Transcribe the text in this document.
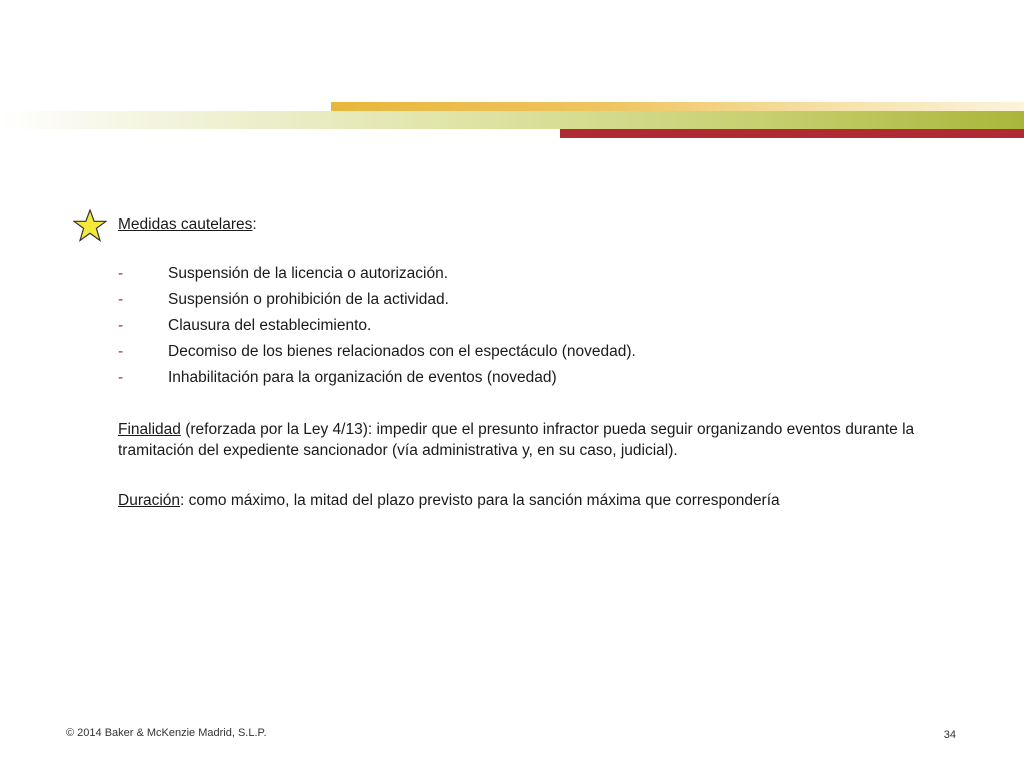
Medidas cautelares:
-	Suspensión de la licencia o autorización.
-	Suspensión o prohibición de la actividad.
-	Clausura del establecimiento.
-	Decomiso de los bienes relacionados con el espectáculo (novedad).
-	Inhabilitación para la organización de eventos (novedad)

Finalidad (reforzada por la Ley 4/13): impedir que el presunto infractor pueda seguir organizando eventos durante la tramitación del expediente sancionador (vía administrativa y, en su caso, judicial).

Duración: como máximo, la mitad del plazo previsto para la sanción máxima que correspondería

© 2014 Baker & McKenzie Madrid, S.L.P.	34
